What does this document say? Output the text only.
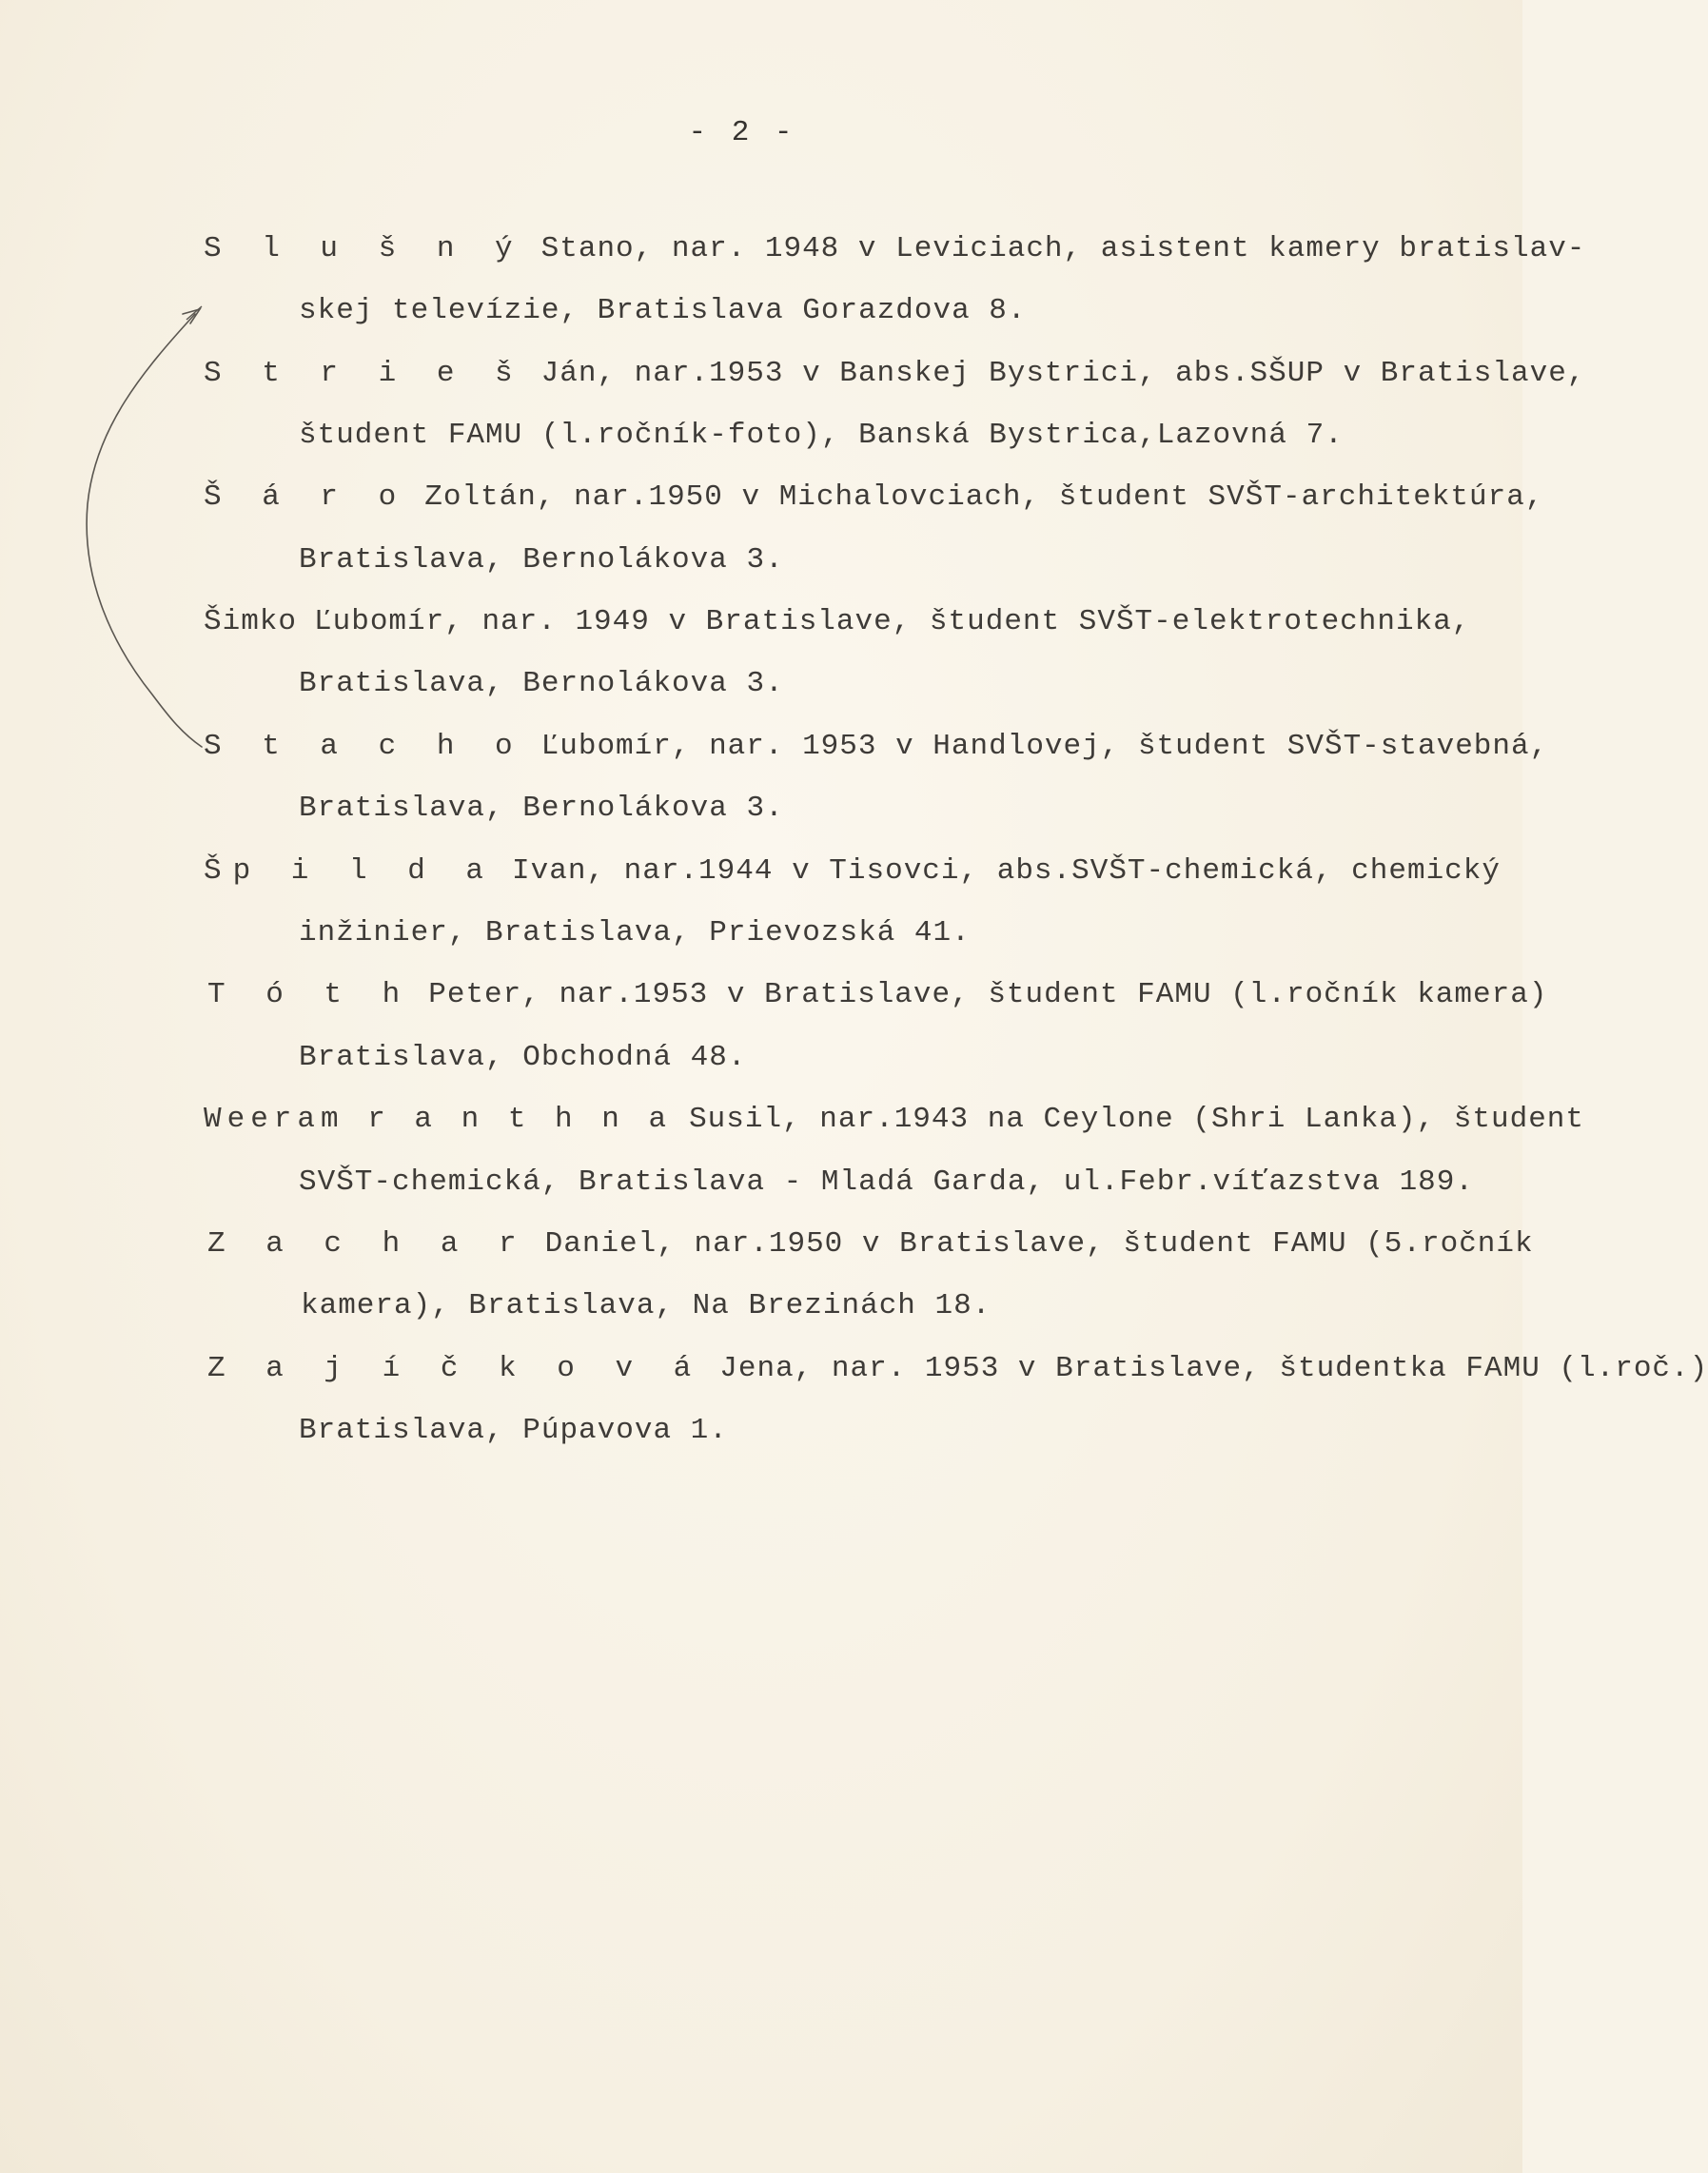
- 2 -
S l u š n ý Stano, nar. 1948 v Leviciach, asistent kamery bratislav-
skej televízie, Bratislava Gorazdova 8.
S t r i e š Ján, nar.1953 v Banskej Bystrici, abs.SŠUP v Bratislave,
študent FAMU (l.ročník-foto), Banská Bystrica,Lazovná 7.
Š á r o Zoltán, nar.1950 v Michalovciach, študent SVŠT-architektúra,
Bratislava, Bernolákova 3.
Šimko Ľubomír, nar. 1949 v Bratislave, študent SVŠT-elektrotechnika,
Bratislava, Bernolákova 3.
S t a c h o Ľubomír, nar. 1953 v Handlovej, študent SVŠT-stavebná,
Bratislava, Bernolákova 3.
Šp i l d a Ivan, nar.1944 v Tisovci, abs.SVŠT-chemická, chemický
inžinier, Bratislava, Prievozská 41.
T ó t h Peter, nar.1953 v Bratislave, študent FAMU (l.ročník kamera)
Bratislava, Obchodná 48.
Weeram r a n t h n a Susil, nar.1943 na Ceylone (Shri Lanka), študent
SVŠT-chemická, Bratislava - Mladá Garda, ul.Febr.víťazstva 189.
Z a c h a r Daniel, nar.1950 v Bratislave, študent FAMU (5.ročník
kamera), Bratislava, Na Brezinách 18.
Z a j í č k o v á Jena, nar. 1953 v Bratislave, študentka FAMU (l.roč.)
Bratislava, Púpavova 1.
